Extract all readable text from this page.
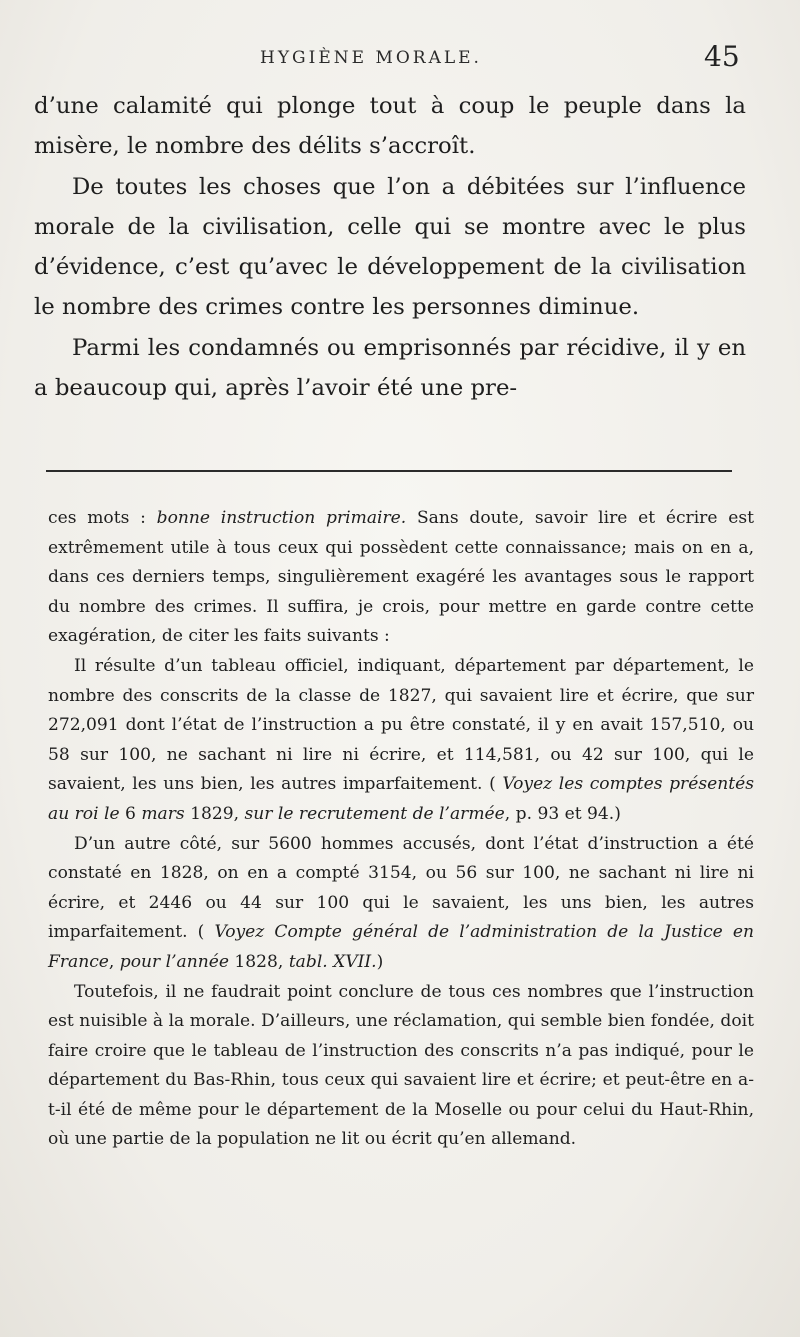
HYGIÈNE MORALE.	45

d’une calamité qui plonge tout à coup le peuple dans la misère, le nombre des délits s’accroît.

De toutes les choses que l’on a débitées sur l’influence morale de la civilisation, celle qui se montre avec le plus d’évidence, c’est qu’avec le développement de la civilisation le nombre des crimes contre les personnes diminue.

Parmi les condamnés ou emprisonnés par récidive, il y en a beaucoup qui, après l’avoir été une pre-

ces mots : bonne instruction primaire. Sans doute, savoir lire et écrire est extrêmement utile à tous ceux qui possèdent cette connaissance; mais on en a, dans ces derniers temps, singulièrement exagéré les avantages sous le rapport du nombre des crimes. Il suffira, je crois, pour mettre en garde contre cette exagération, de citer les faits suivants :

Il résulte d’un tableau officiel, indiquant, département par département, le nombre des conscrits de la classe de 1827, qui savaient lire et écrire, que sur 272,091 dont l’état de l’instruction a pu être constaté, il y en avait 157,510, ou 58 sur 100, ne sachant ni lire ni écrire, et 114,581, ou 42 sur 100, qui le savaient, les uns bien, les autres imparfaitement. ( Voyez les comptes présentés au roi le 6 mars 1829, sur le recrutement de l’armée, p. 93 et 94.)

D’un autre côté, sur 5600 hommes accusés, dont l’état d’instruction a été constaté en 1828, on en a compté 3154, ou 56 sur 100, ne sachant ni lire ni écrire, et 2446 ou 44 sur 100 qui le savaient, les uns bien, les autres imparfaitement. ( Voyez Compte général de l’administration de la Justice en France, pour l’année 1828, tabl. XVII.)

Toutefois, il ne faudrait point conclure de tous ces nombres que l’instruction est nuisible à la morale. D’ailleurs, une réclamation, qui semble bien fondée, doit faire croire que le tableau de l’instruction des conscrits n’a pas indiqué, pour le département du Bas-Rhin, tous ceux qui savaient lire et écrire; et peut-être en a-t-il été de même pour le département de la Moselle ou pour celui du Haut-Rhin, où une partie de la population ne lit ou écrit qu’en allemand.
